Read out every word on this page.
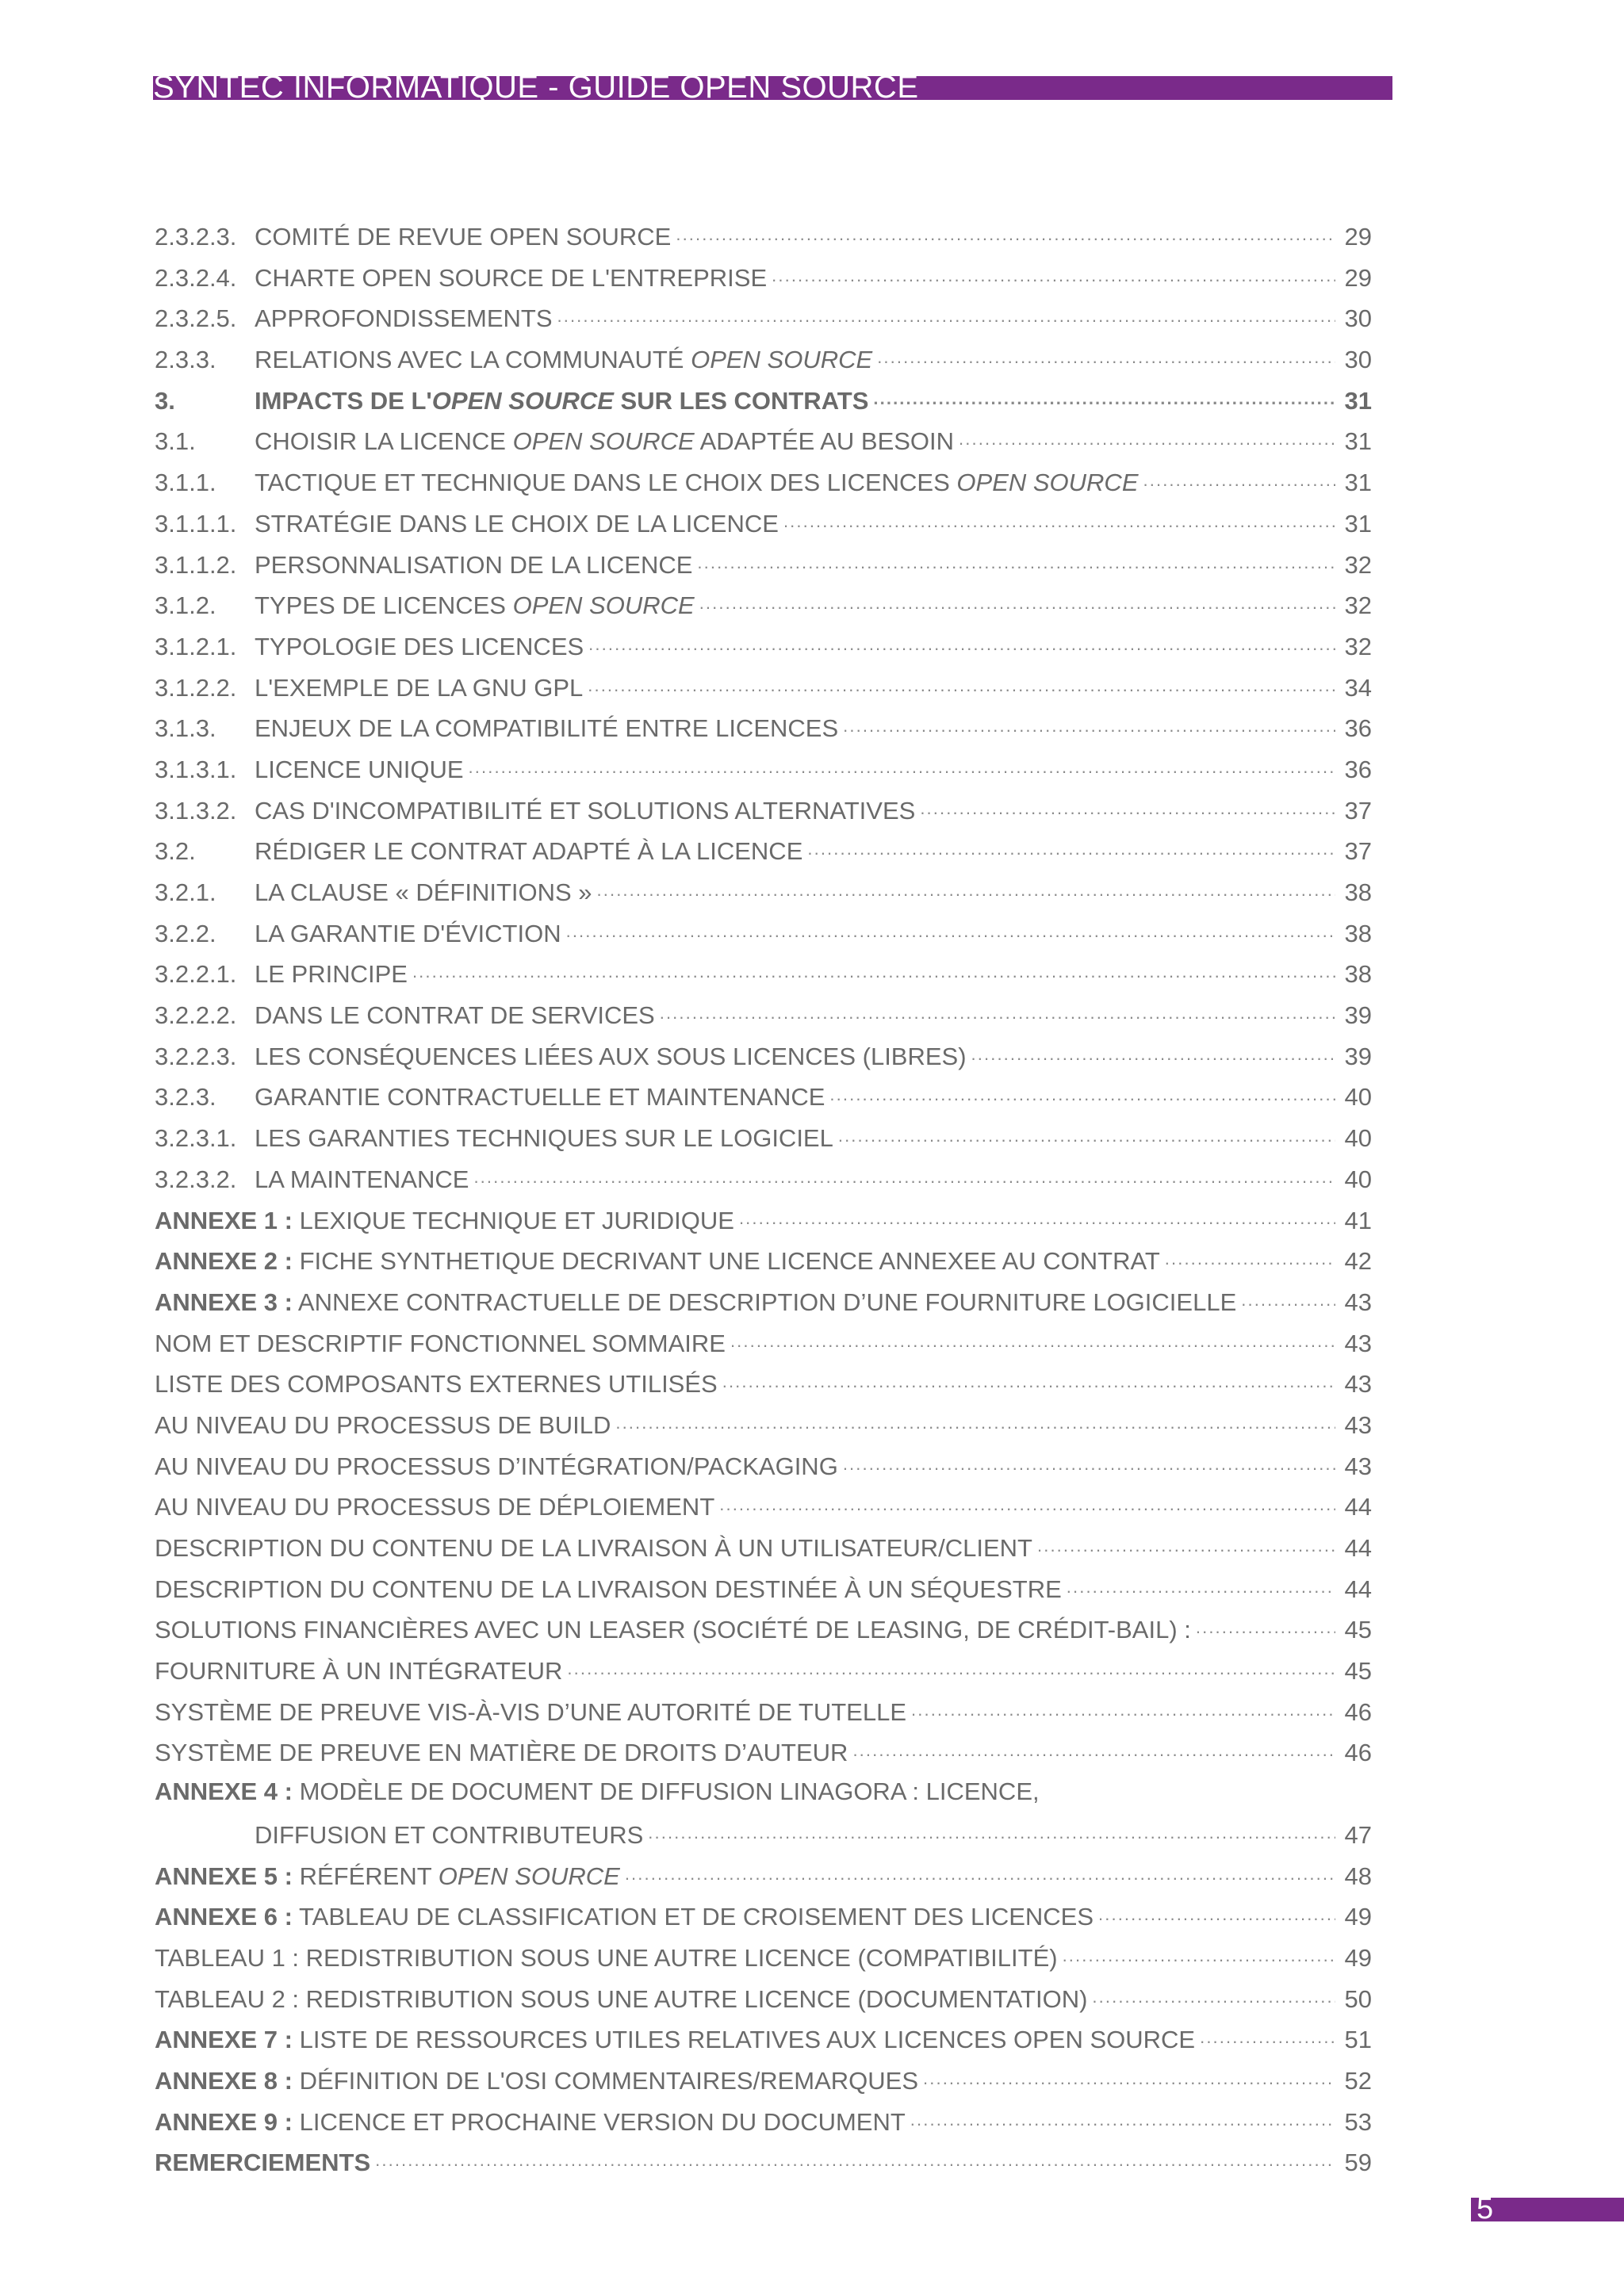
SYNTEC INFORMATIQUE - GUIDE OPEN SOURCE
2.3.2.3. COMITÉ DE REVUE OPEN SOURCE . . .	29
2.3.2.4. CHARTE OPEN SOURCE DE L'ENTREPRISE . . .	29
2.3.2.5. APPROFONDISSEMENTS . . .	30
2.3.3.	RELATIONS AVEC LA COMMUNAUTÉ OPEN SOURCE . . .	30
3.	IMPACTS DE L'OPEN SOURCE SUR LES CONTRATS . . .	31
3.1.	CHOISIR LA LICENCE OPEN SOURCE ADAPTÉE AU BESOIN . . .	31
3.1.1.	TACTIQUE ET TECHNIQUE DANS LE CHOIX DES LICENCES OPEN SOURCE . . .	31
3.1.1.1. STRATÉGIE DANS LE CHOIX DE LA LICENCE . . .	31
3.1.1.2. PERSONNALISATION DE LA LICENCE . . .	32
3.1.2.	TYPES DE LICENCES OPEN SOURCE . . .	32
3.1.2.1. TYPOLOGIE DES LICENCES . . .	32
3.1.2.2. L'EXEMPLE DE LA GNU GPL . . .	34
3.1.3.	ENJEUX DE LA COMPATIBILITÉ ENTRE LICENCES . . .	36
3.1.3.1. LICENCE UNIQUE . . .	36
3.1.3.2. CAS D'INCOMPATIBILITÉ ET SOLUTIONS ALTERNATIVES . . .	37
3.2.	RÉDIGER LE CONTRAT ADAPTÉ À LA LICENCE . . .	37
3.2.1.	LA CLAUSE « DÉFINITIONS » . . .	38
3.2.2.	LA GARANTIE D'ÉVICTION . . .	38
3.2.2.1. LE PRINCIPE . . .	38
3.2.2.2. DANS LE CONTRAT DE SERVICES . . .	39
3.2.2.3. LES CONSÉQUENCES LIÉES AUX SOUS LICENCES (LIBRES) . . .	39
3.2.3.	GARANTIE CONTRACTUELLE ET MAINTENANCE . . .	40
3.2.3.1. LES GARANTIES TECHNIQUES SUR LE LOGICIEL . . .	40
3.2.3.2. LA MAINTENANCE . . .	40
ANNEXE 1 : LEXIQUE TECHNIQUE ET JURIDIQUE . . .	41
ANNEXE 2 : FICHE SYNTHETIQUE DECRIVANT UNE LICENCE ANNEXEE AU CONTRAT . . .	42
ANNEXE 3 : ANNEXE CONTRACTUELLE DE DESCRIPTION D’UNE FOURNITURE LOGICIELLE . . .	43
NOM ET DESCRIPTIF FONCTIONNEL SOMMAIRE . . .	43
LISTE DES COMPOSANTS EXTERNES UTILISÉS . . .	43
AU NIVEAU DU PROCESSUS DE BUILD . . .	43
AU NIVEAU DU PROCESSUS D’INTÉGRATION/PACKAGING . . .	43
AU NIVEAU DU PROCESSUS DE DÉPLOIEMENT . . .	44
DESCRIPTION DU CONTENU DE LA LIVRAISON À UN UTILISATEUR/CLIENT . . .	44
DESCRIPTION DU CONTENU DE LA LIVRAISON DESTINÉE À UN SÉQUESTRE . . .	44
SOLUTIONS FINANCIÈRES AVEC UN LEASER (SOCIÉTÉ DE LEASING, DE CRÉDIT-BAIL) : . . .	45
FOURNITURE À UN INTÉGRATEUR . . .	45
SYSTÈME DE PREUVE VIS-À-VIS D’UNE AUTORITÉ DE TUTELLE . . .	46
SYSTÈME DE PREUVE EN MATIÈRE DE DROITS D’AUTEUR . . .	46
ANNEXE 4 : MODÈLE DE DOCUMENT DE DIFFUSION LINAGORA : LICENCE,
DIFFUSION ET CONTRIBUTEURS . . .	47
ANNEXE 5 : RÉFÉRENT OPEN SOURCE . . .	48
ANNEXE 6 : TABLEAU DE CLASSIFICATION ET DE CROISEMENT DES LICENCES . . .	49
TABLEAU 1 : REDISTRIBUTION SOUS UNE AUTRE LICENCE (COMPATIBILITÉ) . . .	49
TABLEAU 2 : REDISTRIBUTION SOUS UNE AUTRE LICENCE (DOCUMENTATION) . . .	50
ANNEXE 7 : LISTE DE RESSOURCES UTILES RELATIVES AUX LICENCES OPEN SOURCE . . .	51
ANNEXE 8 : DÉFINITION DE L'OSI COMMENTAIRES/REMARQUES . . .	52
ANNEXE 9 : LICENCE ET PROCHAINE VERSION DU DOCUMENT . . .	53
REMERCIEMENTS . . .	59
5
